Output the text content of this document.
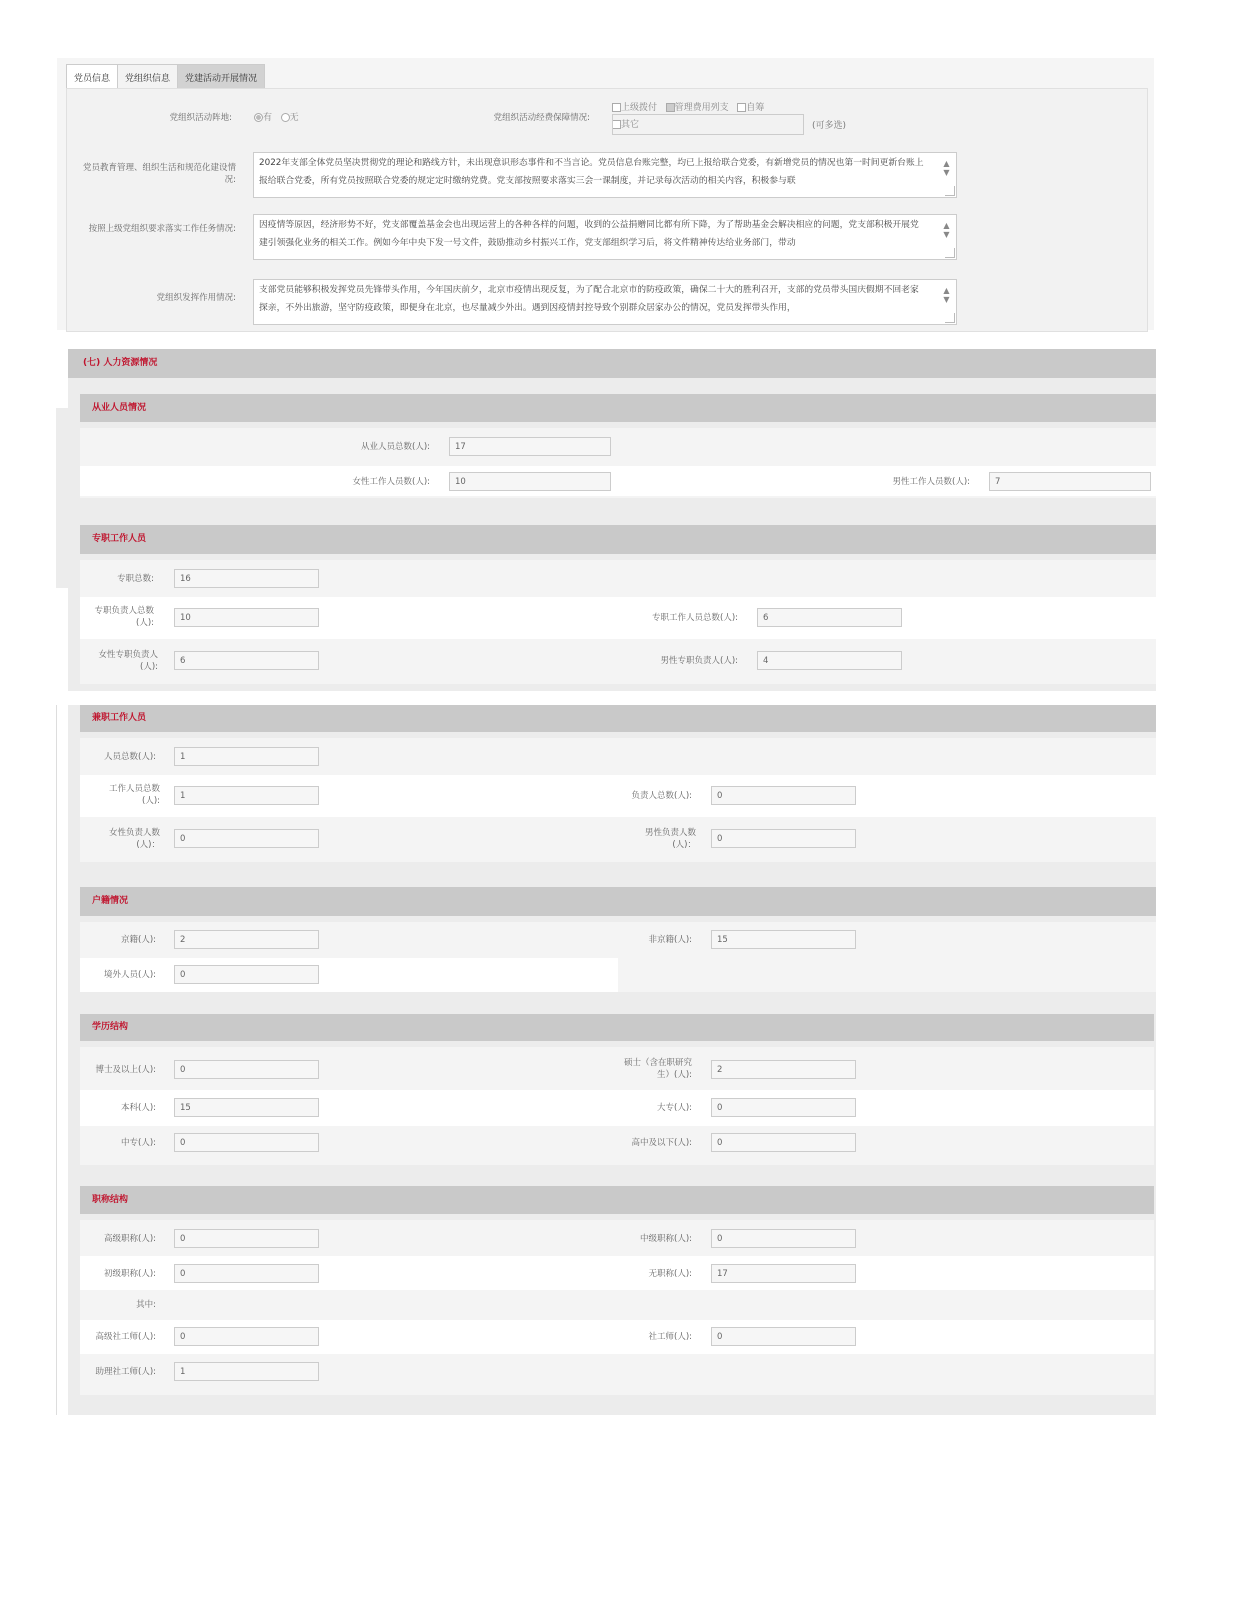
党员信息	党组织信息	党建活动开展情况
党组织活动阵地:	有 无	党组织活动经费保障情况:
上级拨付 管理费用列支 自筹
其它	(可多选)
党员教育管理、组织生活和规范化建设情况:
2022年支部全体党员坚决贯彻党的理论和路线方针，未出现意识形态事件和不当言论。党员信息台账完整，均已上报给联合党委，有新增党员的情况也第一时间更新台账上报给联合党委，所有党员按照联合党委的规定定时缴纳党费。党支部按照要求落实三会一课制度，并记录每次活动的相关内容，积极参与联
▲
▼
按照上级党组织要求落实工作任务情况:	因疫情等原因，经济形势不好，党支部覆盖基金会也出现运营上的各种各样的问题，收到的公益捐赠同比都有所下降，为了帮助基金会解决相应的问题，党支部积极开展党建引领强化业务的相关工作。例如今年中央下发一号文件，鼓励推动乡村振兴工作，党支部组织学习后，将文件精神传达给业务部门，带动
▲
▼
党组织发挥作用情况:
支部党员能够积极发挥党员先锋带头作用，今年国庆前夕，北京市疫情出现反复，为了配合北京市的防疫政策，确保二十大的胜利召开，支部的党员带头国庆假期不回老家探亲，不外出旅游，坚守防疫政策，即便身在北京，也尽量减少外出。遇到因疫情封控导致个别群众居家办公的情况，党员发挥带头作用，
▲
▼
(七) 人力资源情况
从业人员情况
从业人员总数(人):	17
女性工作人员数(人):	10	男性工作人员数(人):	7
专职工作人员
专职总数:	16
专职负责人总数(人):	10	专职工作人员总数(人):	6
女性专职负责人(人):
6	男性专职负责人(人):	4
兼职工作人员
人员总数(人):	1
工作人员总数(人):	1	负责人总数(人):	0
女性负责人数(人)：
0
男性负责人数(人)：
0
户籍情况
京籍(人):	2	非京籍(人):	15
境外人员(人):	0
学历结构
博士及以上(人):	0
硕士（含在职研究生）(人):	2
本科(人):	15	大专(人):	0
中专(人):	0	高中及以下(人):	0
职称结构
高级职称(人):	0	中级职称(人):	0
初级职称(人):	0	无职称(人):	17
其中:
高级社工师(人):	0	社工师(人):	0
助理社工师(人):	1
